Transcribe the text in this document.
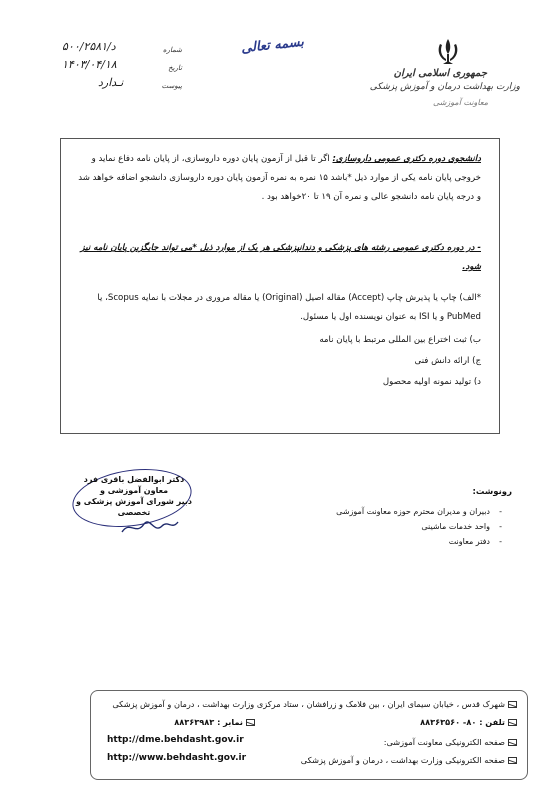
د/۵۰۰/۲۵۸۱	شماره
۱۴۰۳/۰۴/۱۸	تاریخ
نـدارد	پیوست
بسمه تعالی
جمهوری اسلامی ایران
وزارت بهداشت درمان و آموزش پزشکی
معاونت آموزشی
دانشجوی دوره دکتری عمومی داروسازی: اگر تا قبل از آزمون پایان دوره داروسازی، از پایان نامه دفاع نماید و خروجی پایان نامه یکی از موارد ذیل *باشد ۱۵ نمره به نمره آزمون پایان دوره داروسازی دانشجو اضافه خواهد شد و درجه پایان نامه دانشجو عالی و نمره آن ۱۹ تا ۲۰خواهد بود .
- در دوره دکتری عمومی رشته های پزشکی و دندانپزشکی هر یک از موارد ذیل *می تواند جایگزین پایان نامه نیز شود.
*الف) چاپ یا پذیرش چاپ (Accept) مقاله اصیل (Original) یا مقاله مروری در مجلات با نمایه Scopus، یا PubMed و یا ISI به عنوان نویسنده اول یا مسئول.
ب) ثبت اختراع بین المللی مرتبط با پایان نامه
ج) ارائه دانش فنی
د) تولید نمونه اولیه محصول
دکتر ابوالفضل باقری فرد
معاون آموزشی و
دبیر شورای آموزش پزشکی و تخصصی
رونوشت:
- دبیران و مدیران محترم حوزه معاونت آموزشی
- واحد خدمات ماشینی
- دفتر معاونت
شهرک قدس ، خیابان سیمای ایران ، بین فلامک و زرافشان ، ستاد مرکزی وزارت بهداشت ، درمان و آموزش پزشکی
تلفن : ۸۰- ۸۸۳۶۳۵۶۰
نمابر : ۸۸۳۶۳۹۸۳
صفحه الکترونیکی معاونت آموزشی:
http://dme.behdasht.gov.ir
صفحه الکترونیکی وزارت بهداشت ، درمان و آموزش پزشکی
http://www.behdasht.gov.ir
